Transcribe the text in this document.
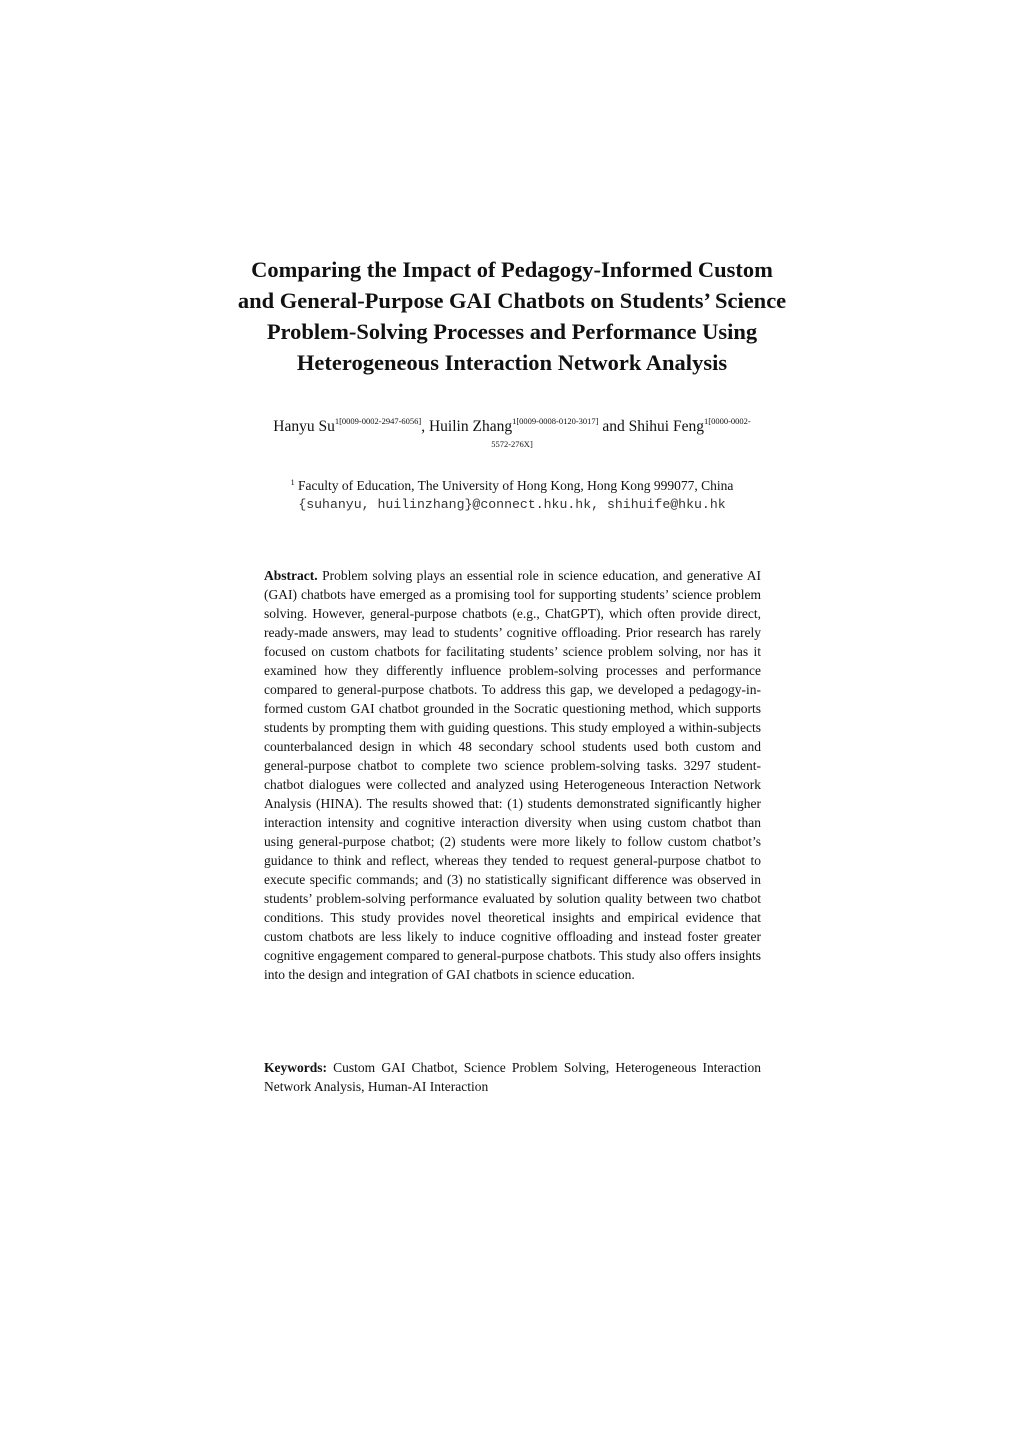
Comparing the Impact of Pedagogy-Informed Custom
and General-Purpose GAI Chatbots on Students’ Science
Problem-Solving Processes and Performance Using
Heterogeneous Interaction Network Analysis
Hanyu $Su^{1[0009-0002-2947-6056]}$, Huilin Zhang$^{1[0009-0008-0120-3017]}$ and Shihui Feng$^{1[0000-0002-}$
5572-276X]
$^1$ Faculty of Education, The University of Hong Kong, Hong Kong 999077, China
{suhanyu, huilinzhang}@connect.hku.hk, shihuife@hku.hk

Abstract. Problem solving plays an essential role in science education, and generative AI (GAI) chatbots have emerged as a promising tool for supporting students’ science problem solving. However, general-purpose chatbots (e.g., ChatGPT), which often provide direct, ready-made answers, may lead to students’ cognitive offloading. Prior research has rarely focused on custom chatbots for facilitating students’ science problem solving, nor has it examined how they differently influence problem-solving processes and performance compared to general-purpose chatbots. To address this gap, we developed a pedagogy-informed custom GAI chatbot grounded in the Socratic questioning method, which supports students by prompting them with guiding questions. This study employed a within-subjects counterbalanced design in which 48 secondary school students used both custom and general-purpose chatbot to complete two science problem-solving tasks. 3297 student-chatbot dialogues were collected and analyzed using Heterogeneous Interaction Network Analysis (HINA). The results showed that: (1) students demonstrated significantly higher interaction intensity and cognitive interaction diversity when using custom chatbot than using general-purpose chatbot; (2) students were more likely to follow custom chatbot’s guidance to think and reflect, whereas they tended to request general-purpose chatbot to execute specific commands; and (3) no statistically significant difference was observed in students’ problem-solving performance evaluated by solution quality between two chatbot conditions. This study provides novel theoretical insights and empirical evidence that custom chatbots are less likely to induce cognitive offloading and instead foster greater cognitive engagement compared to general-purpose chatbots. This study also offers insights into the design and integration of GAI chatbots in science education.

Keywords: Custom GAI Chatbot, Science Problem Solving, Heterogeneous Interaction Network Analysis, Human-AI Interaction
